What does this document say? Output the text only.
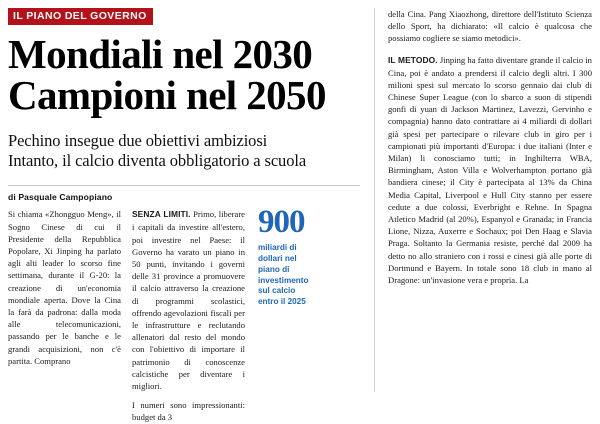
IL PIANO DEL GOVERNO
Mondiali nel 2030
Campioni nel 2050
Pechino insegue due obiettivi ambiziosi
Intanto, il calcio diventa obbligatorio a scuola
di Pasquale Campopiano

Si chiama «Zhongguo Meng», il Sogno Cinese di cui il Presidente della Repubblica Popolare, Xi Jinping ha parlato agli alti leader lo scorso fine settimana, durante il G-20: la creazione di un'economia mondiale aperta. Dove la Cina la farà da padrona: dalla moda alle telecomunicazioni, passando per le banche e le grandi acquisizioni, non c'è partita. Comprano

SENZA LIMITI. Primo, liberare i capitali da investire all'estero, poi investire nel Paese: il Governo ha varato un piano in 50 punti, invitando i governi delle 31 province a promuovere il calcio attraverso la creazione di programmi scolastici, offrendo agevolazioni fiscali per le infrastrutture e reclutando allenatori dal resto del mondo con l'obiettivo di importare il patrimonio di conoscenze calcistiche per diventare i migliori.

I numeri sono impressionanti: budget da 3

900
miliardi di dollari nel piano di investimento sul calcio entro il 2025

della Cina. Pang Xiaozhong, direttore dell'Istituto Scienza dello Sport, ha dichiarato: «Il calcio è qualcosa che possiamo cogliere se siamo metodici».

IL METODO. Jinping ha fatto diventare grande il calcio in Cina, poi è andato a prendersi il calcio degli altri. I 300 milioni spesi sul mercato lo scorso gennaio dai club di Chinese Super League (con lo sbarco a suon di stipendi gonfi di yuan di Jackson Martinez, Lavezzi, Gervinho e compagnia) hanno dato contrattare ai 4 miliardi di dollari già spesi per partecipare o rilevare club in giro per i campionati più importanti d'Europa: i due italiani (Inter e Milan) li conosciamo tutti; in Inghilterra WBA, Birmingham, Aston Villa e Wolverhampton portano già bandiera cinese; il City è partecipata al 13% da China Media Capital, Liverpool e Hull City stanno per essere cedute a due colossi, Everbright e Rehne. In Spagna Atletico Madrid (al 20%), Espanyol e Granada; in Francia Lione, Nizza, Auxerre e Sochaux; poi Den Haag e Slavia Praga. Soltanto la Germania resiste, perché dal 2009 ha detto no allo straniero con i rossi e cinesi già alle porte di Dortmund e Bayern. In totale sono 18 club in mano al Dragone: un'invasione vera e propria. La
